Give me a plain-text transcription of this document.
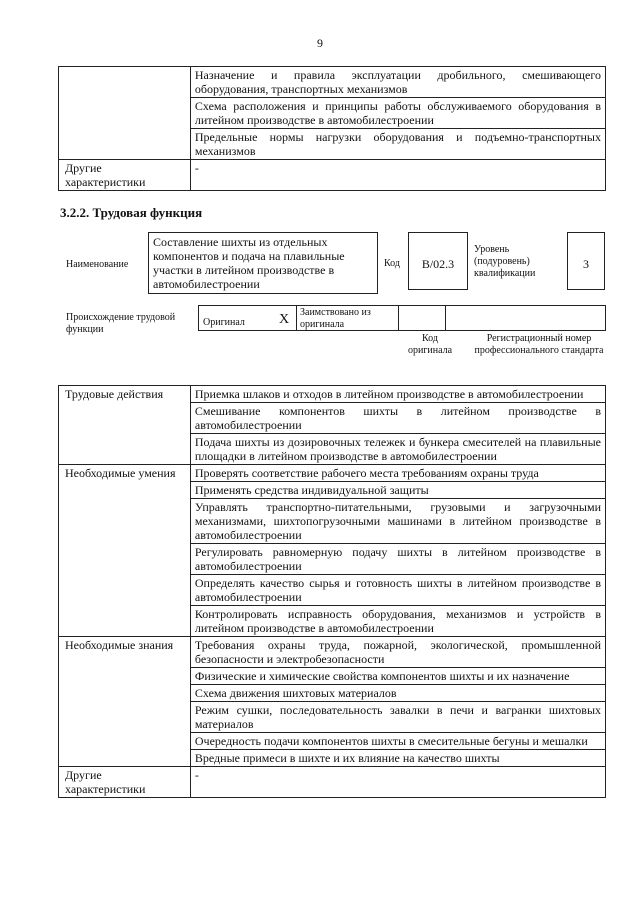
9
	Назначение и правила эксплуатации дробильного, смешивающего оборудования, транспортных механизмов
	Схема расположения и принципы работы обслуживаемого оборудования в литейном производстве в автомобилестроении
	Предельные нормы нагрузки оборудования и подъемно-транспортных механизмов
Другие характеристики	-
3.2.2. Трудовая функция
Наименование
Составление шихты из отдельных компонентов и подача на плавильные участки в литейном производстве в автомобилестроении
Код	В/02.3
Уровень (подуровень) квалификации
3
Происхождение трудовой функции
Оригинал X Заимствовано из оригинала
Код оригинала
Регистрационный номер профессионального стандарта
Трудовые действия	Приемка шлаков и отходов в литейном производстве в автомобилестроении
	Смешивание компонентов шихты в литейном производстве в автомобилестроении
	Подача шихты из дозировочных тележек и бункера смесителей на плавильные площадки в литейном производстве в автомобилестроении
Необходимые умения	Проверять соответствие рабочего места требованиям охраны труда
	Применять средства индивидуальной защиты
	Управлять транспортно-питательными, грузовыми и загрузочными механизмами, шихтопогрузочными машинами в литейном производстве в автомобилестроении
	Регулировать равномерную подачу шихты в литейном производстве в автомобилестроении
	Определять качество сырья и готовность шихты в литейном производстве в автомобилестроении
	Контролировать исправность оборудования, механизмов и устройств в литейном производстве в автомобилестроении
Необходимые знания	Требования охраны труда, пожарной, экологической, промышленной безопасности и электробезопасности
	Физические и химические свойства компонентов шихты и их назначение
	Схема движения шихтовых материалов
	Режим сушки, последовательность завалки в печи и вагранки шихтовых материалов
	Очередность подачи компонентов шихты в смесительные бегуны и мешалки
	Вредные примеси в шихте и их влияние на качество шихты
Другие характеристики	-
